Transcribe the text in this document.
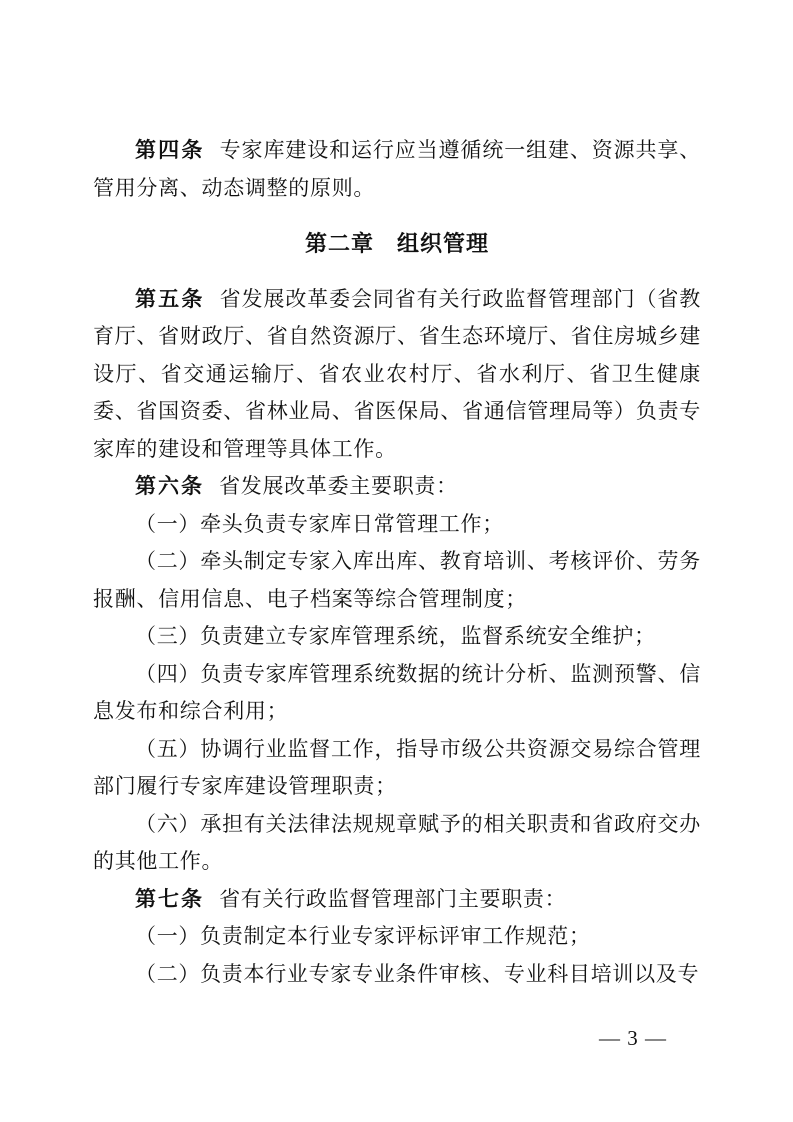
第四条 专家库建设和运行应当遵循统一组建、资源共享、管用分离、动态调整的原则。

第二章　组织管理

第五条 省发展改革委会同省有关行政监督管理部门（省教育厅、省财政厅、省自然资源厅、省生态环境厅、省住房城乡建设厅、省交通运输厅、省农业农村厅、省水利厅、省卫生健康委、省国资委、省林业局、省医保局、省通信管理局等）负责专家库的建设和管理等具体工作。

第六条 省发展改革委主要职责：

（一）牵头负责专家库日常管理工作；

（二）牵头制定专家入库出库、教育培训、考核评价、劳务报酬、信用信息、电子档案等综合管理制度；

（三）负责建立专家库管理系统，监督系统安全维护；

（四）负责专家库管理系统数据的统计分析、监测预警、信息发布和综合利用；

（五）协调行业监督工作，指导市级公共资源交易综合管理部门履行专家库建设管理职责；

（六）承担有关法律法规规章赋予的相关职责和省政府交办的其他工作。

第七条 省有关行政监督管理部门主要职责：

（一）负责制定本行业专家评标评审工作规范；

（二）负责本行业专家专业条件审核、专业科目培训以及专

— 3 —
